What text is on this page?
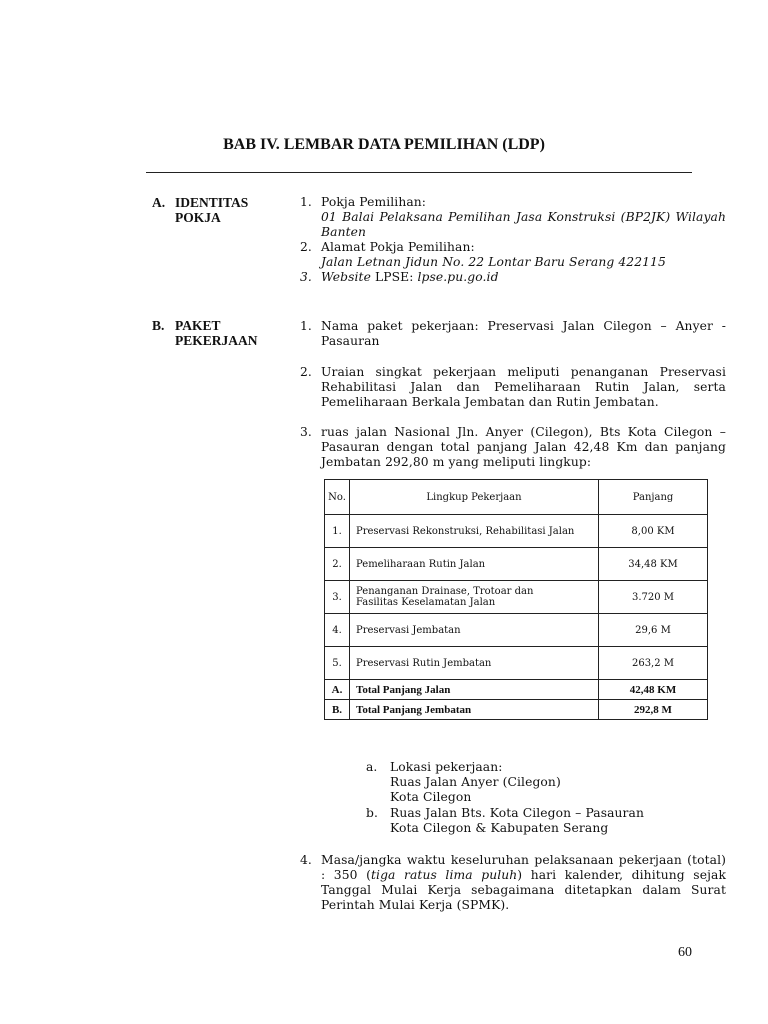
BAB IV. LEMBAR DATA PEMILIHAN (LDP)
A. IDENTITAS
POKJA
1. Pokja Pemilihan:
01 Balai Pelaksana Pemilihan Jasa Konstruksi (BP2JK) Wilayah
Banten
2. Alamat Pokja Pemilihan:
Jalan Letnan Jidun No. 22 Lontar Baru Serang 422115
3. Website LPSE: lpse.pu.go.id
B. PAKET
PEKERJAAN
1. Nama paket pekerjaan: Preservasi Jalan Cilegon – Anyer - Pasauran
2. Uraian singkat pekerjaan meliputi penanganan Preservasi Rehabilitasi Jalan dan Pemeliharaan Rutin Jalan, serta Pemeliharaan Berkala Jembatan dan Rutin Jembatan.
3. ruas jalan Nasional Jln. Anyer (Cilegon), Bts Kota Cilegon – Pasauran dengan total panjang Jalan 42,48 Km dan panjang Jembatan 292,80 m yang meliputi lingkup:
No.	Lingkup Pekerjaan	Panjang
1.	Preservasi Rekonstruksi, Rehabilitasi Jalan	8,00 KM
2.	Pemeliharaan Rutin Jalan	34,48 KM
3.	Penanganan Drainase, Trotoar dan Fasilitas Keselamatan Jalan	3.720 M
4.	Preservasi Jembatan	29,6 M
5.	Preservasi Rutin Jembatan	263,2 M
A.	Total Panjang Jalan	42,48 KM
B.	Total Panjang Jembatan	292,8 M
a. Lokasi pekerjaan:
Ruas Jalan Anyer (Cilegon)
Kota Cilegon
b. Ruas Jalan Bts. Kota Cilegon – Pasauran
Kota Cilegon & Kabupaten Serang
4. Masa/jangka waktu keseluruhan pelaksanaan pekerjaan (total) : 350 (tiga ratus lima puluh) hari kalender, dihitung sejak Tanggal Mulai Kerja sebagaimana ditetapkan dalam Surat Perintah Mulai Kerja (SPMK).
60
